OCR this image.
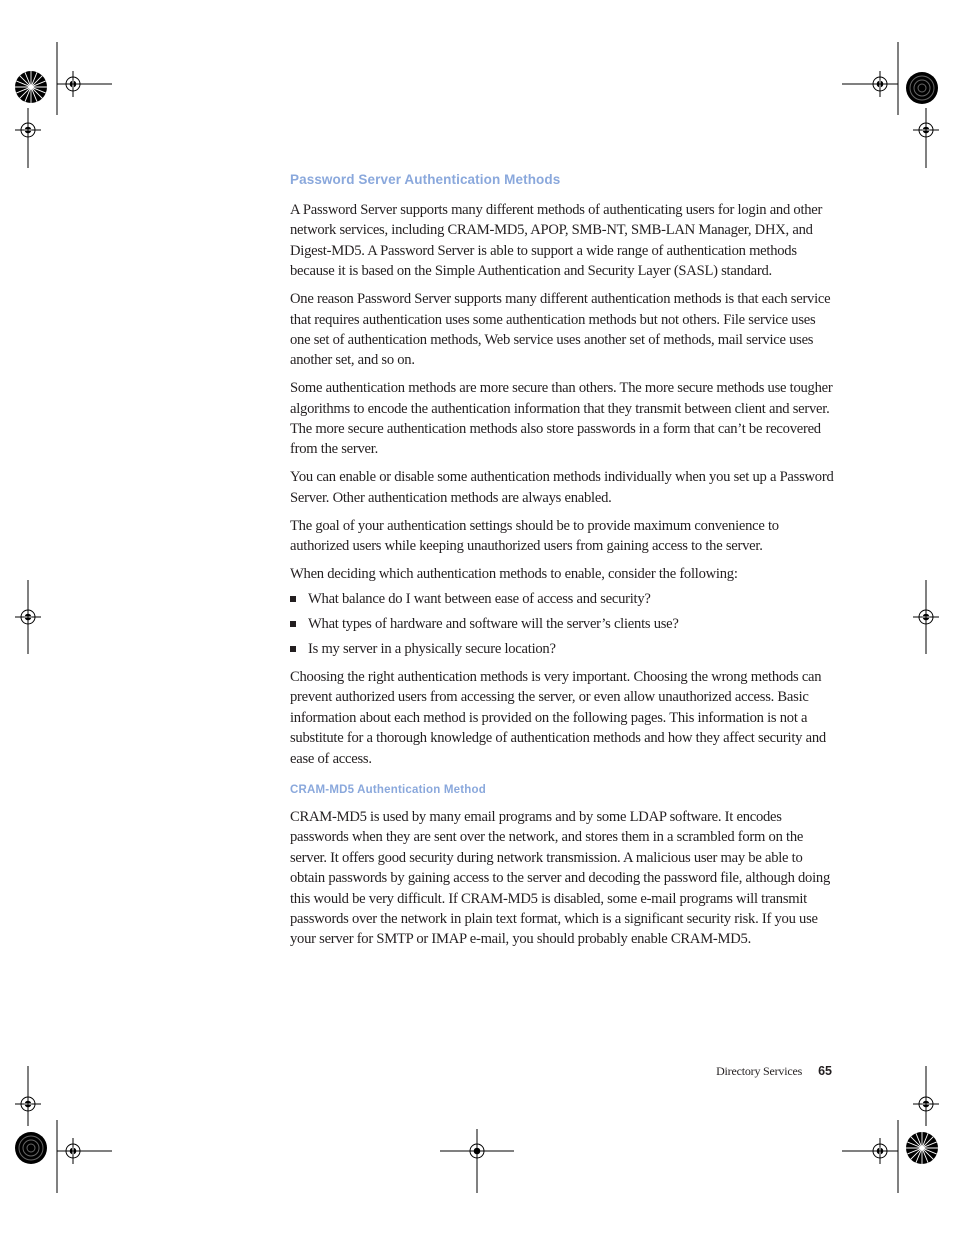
Password Server Authentication Methods

A Password Server supports many different methods of authenticating users for login and other network services, including CRAM-MD5, APOP, SMB-NT, SMB-LAN Manager, DHX, and Digest-MD5. A Password Server is able to support a wide range of authentication methods because it is based on the Simple Authentication and Security Layer (SASL) standard.

One reason Password Server supports many different authentication methods is that each service that requires authentication uses some authentication methods but not others. File service uses one set of authentication methods, Web service uses another set of methods, mail service uses another set, and so on.

Some authentication methods are more secure than others. The more secure methods use tougher algorithms to encode the authentication information that they transmit between client and server. The more secure authentication methods also store passwords in a form that can’t be recovered from the server.

You can enable or disable some authentication methods individually when you set up a Password Server. Other authentication methods are always enabled.

The goal of your authentication settings should be to provide maximum convenience to authorized users while keeping unauthorized users from gaining access to the server.

When deciding which authentication methods to enable, consider the following:

What balance do I want between ease of access and security?
What types of hardware and software will the server’s clients use?
Is my server in a physically secure location?

Choosing the right authentication methods is very important. Choosing the wrong methods can prevent authorized users from accessing the server, or even allow unauthorized access. Basic information about each method is provided on the following pages. This information is not a substitute for a thorough knowledge of authentication methods and how they affect security and ease of access.

CRAM-MD5 Authentication Method

CRAM-MD5 is used by many email programs and by some LDAP software. It encodes passwords when they are sent over the network, and stores them in a scrambled form on the server. It offers good security during network transmission. A malicious user may be able to obtain passwords by gaining access to the server and decoding the password file, although doing this would be very difficult. If CRAM-MD5 is disabled, some e-mail programs will transmit passwords over the network in plain text format, which is a significant security risk. If you use your server for SMTP or IMAP e-mail, you should probably enable CRAM-MD5.

Directory Services 65
